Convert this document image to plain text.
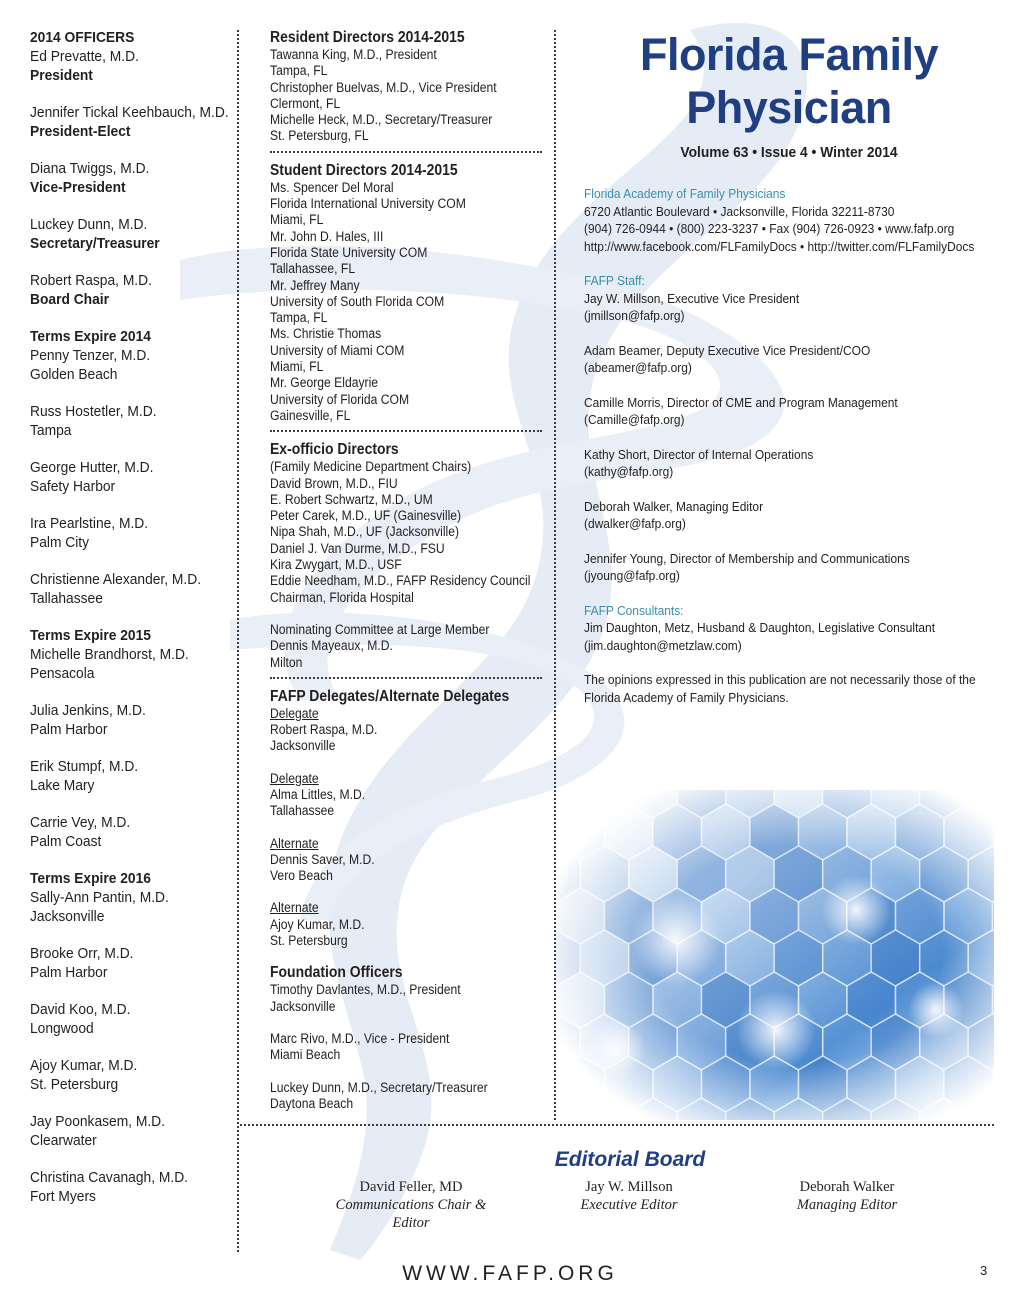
2014 OFFICERS
Ed Prevatte, M.D.
President
Jennifer Tickal Keehbauch, M.D.
President-Elect
Diana Twiggs, M.D.
Vice-President
Luckey Dunn, M.D.
Secretary/Treasurer
Robert Raspa, M.D.
Board Chair
Terms Expire 2014
Penny Tenzer, M.D.
Golden Beach
Russ Hostetler, M.D.
Tampa
George Hutter, M.D.
Safety Harbor
Ira Pearlstine, M.D.
Palm City
Christienne Alexander, M.D.
Tallahassee
Terms Expire 2015
Michelle Brandhorst, M.D.
Pensacola
Julia Jenkins, M.D.
Palm Harbor
Erik Stumpf, M.D.
Lake Mary
Carrie Vey, M.D.
Palm Coast
Terms Expire 2016
Sally-Ann Pantin, M.D.
Jacksonville
Brooke Orr, M.D.
Palm Harbor
David Koo, M.D.
Longwood
Ajoy Kumar, M.D.
St. Petersburg
Jay Poonkasem, M.D.
Clearwater
Christina Cavanagh, M.D.
Fort Myers
Resident Directors 2014-2015
Tawanna King, M.D., President
Tampa, FL
Christopher Buelvas, M.D., Vice President
Clermont, FL
Michelle Heck, M.D., Secretary/Treasurer
St. Petersburg, FL
Student Directors 2014-2015
Ms. Spencer Del Moral
Florida International University COM
Miami, FL
Mr. John D. Hales, III
Florida State University COM
Tallahassee, FL
Mr. Jeffrey Many
University of South Florida COM
Tampa, FL
Ms. Christie Thomas
University of Miami COM
Miami, FL
Mr. George Eldayrie
University of Florida COM
Gainesville, FL
Ex-officio Directors
(Family Medicine Department Chairs)
David Brown, M.D., FIU
E. Robert Schwartz, M.D., UM
Peter Carek, M.D., UF (Gainesville)
Nipa Shah, M.D., UF (Jacksonville)
Daniel J. Van Durme, M.D., FSU
Kira Zwygart, M.D., USF
Eddie Needham, M.D., FAFP Residency Council
Chairman, Florida Hospital
Nominating Committee at Large Member
Dennis Mayeaux, M.D.
Milton
FAFP Delegates/Alternate Delegates
Delegate
Robert Raspa, M.D.
Jacksonville
Delegate
Alma Littles, M.D.
Tallahassee
Alternate
Dennis Saver, M.D.
Vero Beach
Alternate
Ajoy Kumar, M.D.
St. Petersburg
Foundation Officers
Timothy Davlantes, M.D., President
Jacksonville
Marc Rivo, M.D., Vice - President
Miami Beach
Luckey Dunn, M.D., Secretary/Treasurer
Daytona Beach
Florida Family
Physician
Volume 63 • Issue 4 • Winter 2014
Florida Academy of Family Physicians
6720 Atlantic Boulevard • Jacksonville, Florida 32211-8730
(904) 726-0944 • (800) 223-3237 • Fax (904) 726-0923 • www.fafp.org
http://www.facebook.com/FLFamilyDocs • http://twitter.com/FLFamilyDocs
FAFP Staff:
Jay W. Millson, Executive Vice President
(jmillson@fafp.org)
Adam Beamer, Deputy Executive Vice President/COO
(abeamer@fafp.org)
Camille Morris, Director of CME and Program Management
(Camille@fafp.org)
Kathy Short, Director of Internal Operations
(kathy@fafp.org)
Deborah Walker, Managing Editor
(dwalker@fafp.org)
Jennifer Young, Director of Membership and Communications
(jyoung@fafp.org)
FAFP Consultants:
Jim Daughton, Metz, Husband & Daughton, Legislative Consultant
(jim.daughton@metzlaw.com)
The opinions expressed in this publication are not necessarily those of the
Florida Academy of Family Physicians.
Editorial Board
David Feller, MD
Communications Chair &
Editor
Jay W. Millson
Executive Editor
Deborah Walker
Managing Editor
WWW.FAFP.ORG	3
